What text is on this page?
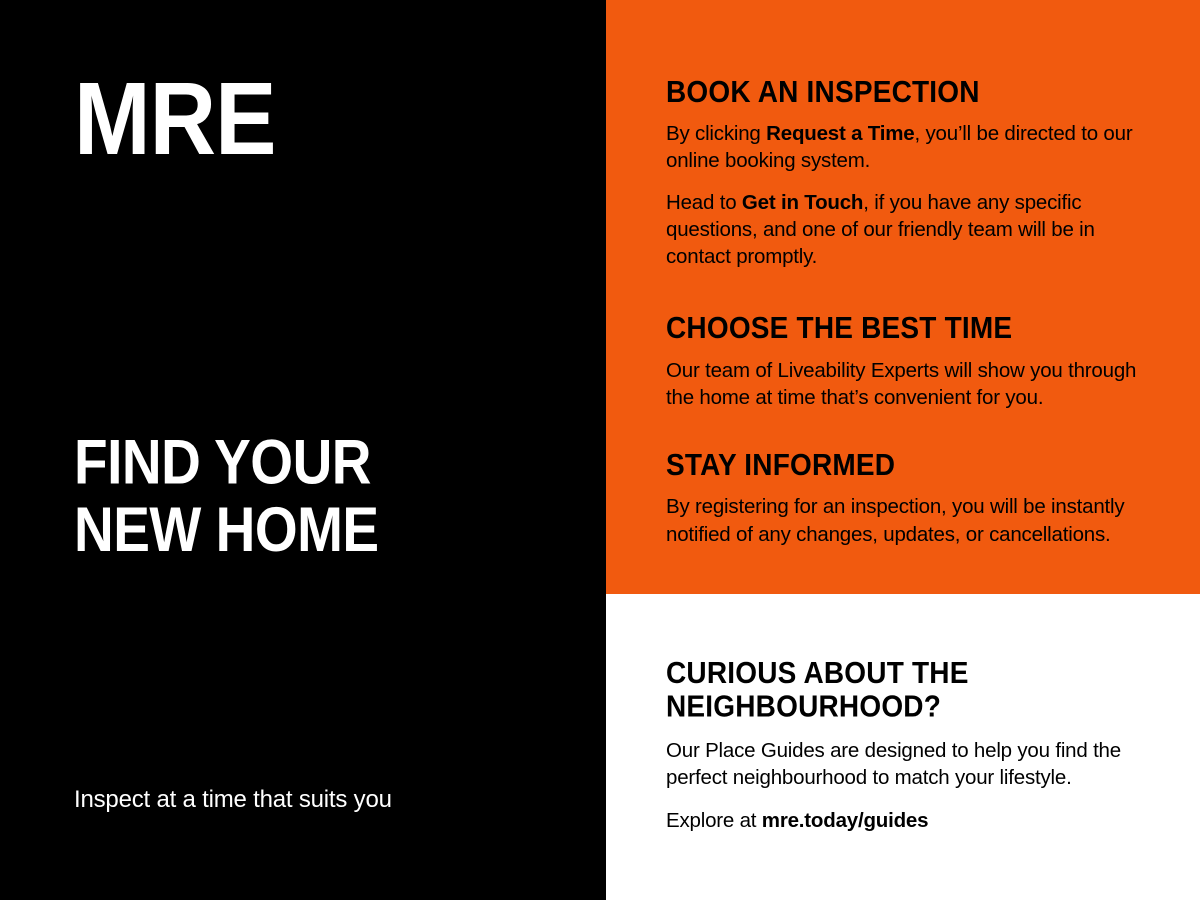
MRE
FIND YOUR
NEW HOME
Inspect at a time that suits you
BOOK AN INSPECTION

By clicking Request a Time, you’ll be directed to our online booking system.

Head to Get in Touch, if you have any specific questions, and one of our friendly team will be in contact promptly.

CHOOSE THE BEST TIME

Our team of Liveability Experts will show you through the home at time that’s convenient for you.

STAY INFORMED

By registering for an inspection, you will be instantly notified of any changes, updates, or cancellations.

CURIOUS ABOUT THE
NEIGHBOURHOOD?

Our Place Guides are designed to help you find the perfect neighbourhood to match your lifestyle.

Explore at mre.today/guides
